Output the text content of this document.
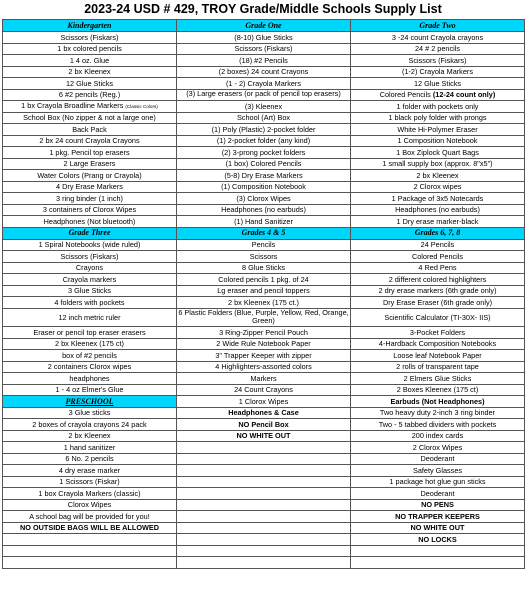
2023-24 USD # 429, TROY Grade/Middle Schools Supply List
Kindergarten	Grade One	Grade Two
Scissors (Fiskars)	(8-10) Glue Sticks	3 -24 count Crayola crayons
1 bx colored pencils	Scissors (Fiskars)	24 # 2 pencils
1 4 oz. Glue	(18) #2 Pencils	Scissors (Fiskars)
2 bx Kleenex	(2 boxes) 24 count Crayons	(1-2) Crayola Markers
12 Glue Sticks	(1 - 2) Crayola Markers	12 Glue Sticks
6 #2 pencils (Reg.)	(3) Large erasers (or pack of pencil top erasers)	Colored Pencils (12-24 count only)
1 bx Crayola Broadline Markers (Classic Colors)	(3) Kleenex	1 folder with pockets only
School Box (No zipper & not a large one)	School (Art) Box	1 black poly folder with prongs
Back Pack	(1) Poly (Plastic) 2-pocket folder	White Hi-Polymer Eraser
2 bx 24 count Crayola Crayons	(1) 2-pocket folder (any kind)	1 Composition Notebook
1 pkg. Pencil top erasers	(2) 3-prong pocket folders	1 Box Ziplock Quart Bags
2 Large Erasers	(1 box) Colored Pencils	1 small supply box (approx. 8"x5")
Water Colors (Prang or Crayola)	(5-8) Dry Erase Markers	2 bx Kleenex
4 Dry Erase Markers	(1) Composition Notebook	2 Clorox wipes
3 ring binder (1 inch)	(3) Clorox Wipes	1 Package of 3x5 Notecards
3 containers of Clorox Wipes	Headphones (no earbuds)	Headphones (no earbuds)
Headphones (Not bluetooth)	(1) Hand Sanitizer	1 Dry erase marker-black
Grade Three	Grades 4 & 5	Grades 6, 7, 8
1 Spiral Notebooks (wide ruled)	Pencils	24 Pencils
Scissors (Fiskars)	Scissors	Colored Pencils
Crayons	8 Glue Sticks	4 Red Pens
Crayola markers	Colored pencils 1 pkg. of 24	2 different colored highlighters
3 Glue Sticks	Lg eraser and pencil toppers	2 dry erase markers (6th grade only)
4 folders with pockets	2 bx Kleenex (175 ct.)	Dry Erase Eraser (6th grade only)
12 inch metric ruler	6 Plastic Folders (Blue, Purple, Yellow, Red, Orange, Green)	Scientific Calculator (TI-30X- IIS)
Eraser or pencil top eraser erasers	3 Ring-Zipper Pencil Pouch	3-Pocket Folders
2 bx Kleenex (175 ct)	2 Wide Rule Notebook Paper	4-Hardback Composition Notebooks
box of #2 pencils	3" Trapper Keeper with zipper	Loose leaf Notebook Paper
2 containers Clorox wipes	4 Highlighters-assorted colors	2 rolls of transparent tape
headphones	Markers	2 Elmers Glue Sticks
1 - 4 oz Elmer's Glue	24 Count Crayons	2 Boxes Kleenex (175 ct)
PRESCHOOL	1 Clorox Wipes	Earbuds (Not Headphones)
3 Glue sticks	Headphones & Case	Two heavy duty 2-inch 3 ring binder
2 boxes of crayola crayons 24 pack	NO Pencil Box	Two - 5 tabbed dividers with pockets
2 bx Kleenex	NO WHITE OUT	200 index cards
1 hand sanitizer		2 Clorox Wipes
6 No. 2 pencils		Deoderant
4 dry erase marker		Safety Glasses
1 Scissors (Fiskar)		1 package hot glue gun sticks
1 box Crayola Markers (classic)		Deoderant
Clorox Wipes		NO PENS
A school bag will be provided for you!		NO TRAPPER KEEPERS
NO OUTSIDE BAGS WILL BE ALLOWED		NO WHITE OUT
		NO LOCKS
